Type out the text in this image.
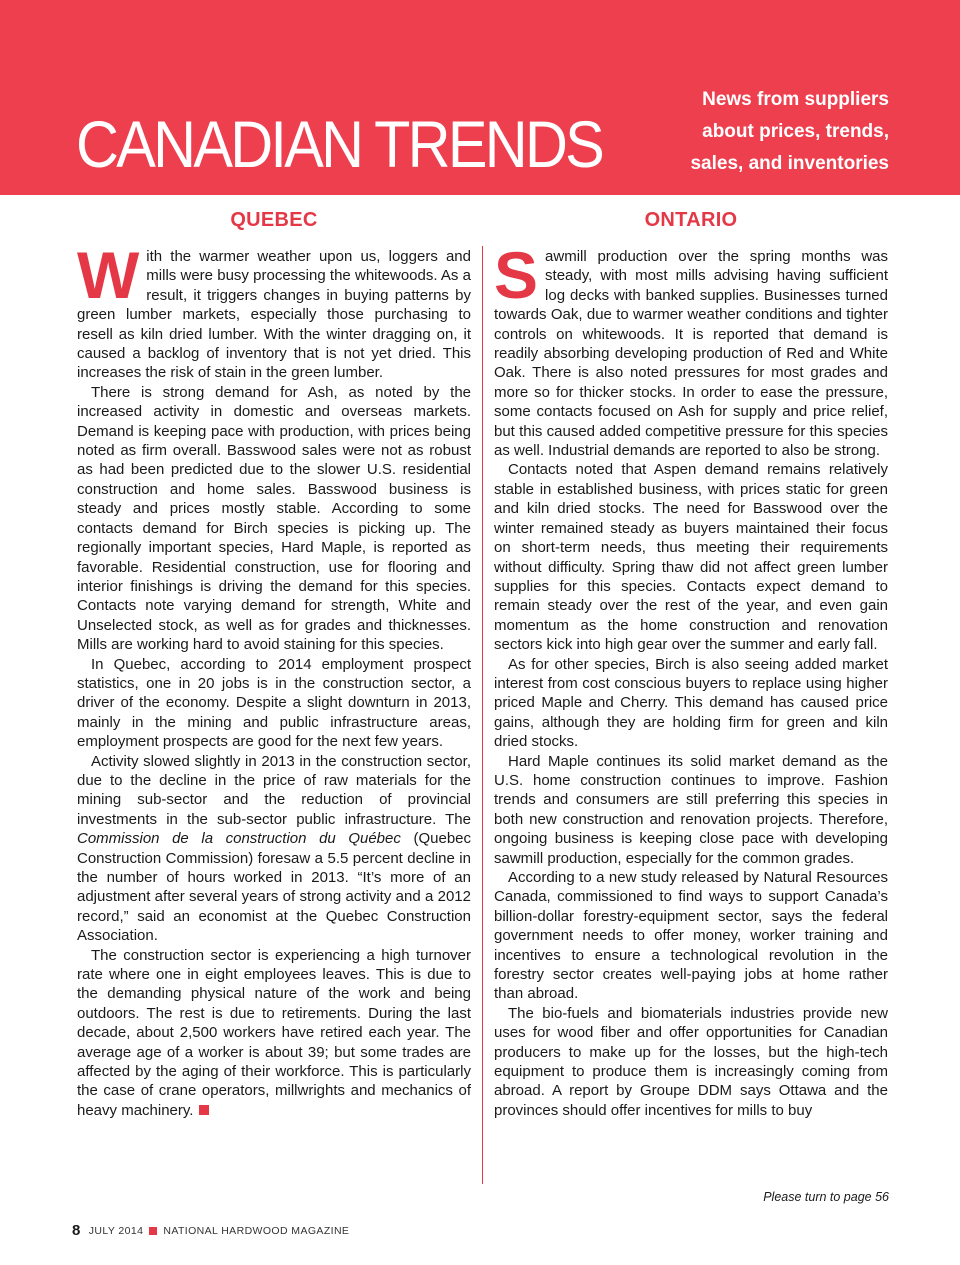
CANADIAN TRENDS
News from suppliers
about prices, trends,
sales, and inventories
QUEBEC

With the warmer weather upon us, loggers and mills were busy processing the whitewoods. As a result, it triggers changes in buying patterns by green lumber markets, especially those purchasing to resell as kiln dried lumber. With the winter dragging on, it caused a backlog of inventory that is not yet dried. This increases the risk of stain in the green lumber.

There is strong demand for Ash, as noted by the increased activity in domestic and overseas markets. Demand is keeping pace with production, with prices being noted as firm overall. Basswood sales were not as robust as had been predicted due to the slower U.S. residential construction and home sales. Basswood business is steady and prices mostly stable. According to some contacts demand for Birch species is picking up. The regionally important species, Hard Maple, is reported as favorable. Residential construction, use for flooring and interior finishings is driving the demand for this species. Contacts note varying demand for strength, White and Unselected stock, as well as for grades and thicknesses. Mills are working hard to avoid staining for this species.

In Quebec, according to 2014 employment prospect statistics, one in 20 jobs is in the construction sector, a driver of the economy. Despite a slight downturn in 2013, mainly in the mining and public infrastructure areas, employment prospects are good for the next few years.

Activity slowed slightly in 2013 in the construction sector, due to the decline in the price of raw materials for the mining sub-sector and the reduction of provincial investments in the sub-sector public infrastructure. The Commission de la construction du Québec (Quebec Construction Commission) foresaw a 5.5 percent decline in the number of hours worked in 2013. “It’s more of an adjustment after several years of strong activity and a 2012 record,” said an economist at the Quebec Construction Association.

The construction sector is experiencing a high turnover rate where one in eight employees leaves. This is due to the demanding physical nature of the work and being outdoors. The rest is due to retirements. During the last decade, about 2,500 workers have retired each year. The average age of a worker is about 39; but some trades are affected by the aging of their workforce. This is particularly the case of crane operators, millwrights and mechanics of heavy machinery.

ONTARIO

Sawmill production over the spring months was steady, with most mills advising having sufficient log decks with banked supplies. Businesses turned towards Oak, due to warmer weather conditions and tighter controls on whitewoods. It is reported that demand is readily absorbing developing production of Red and White Oak. There is also noted pressures for most grades and more so for thicker stocks. In order to ease the pressure, some contacts focused on Ash for supply and price relief, but this caused added competitive pressure for this species as well. Industrial demands are reported to also be strong.

Contacts noted that Aspen demand remains relatively stable in established business, with prices static for green and kiln dried stocks. The need for Basswood over the winter remained steady as buyers maintained their focus on short-term needs, thus meeting their requirements without difficulty. Spring thaw did not affect green lumber supplies for this species. Contacts expect demand to remain steady over the rest of the year, and even gain momentum as the home construction and renovation sectors kick into high gear over the summer and early fall.

As for other species, Birch is also seeing added market interest from cost conscious buyers to replace using higher priced Maple and Cherry. This demand has caused price gains, although they are holding firm for green and kiln dried stocks.

Hard Maple continues its solid market demand as the U.S. home construction continues to improve. Fashion trends and consumers are still preferring this species in both new construction and renovation projects. Therefore, ongoing business is keeping close pace with developing sawmill production, especially for the common grades.

According to a new study released by Natural Resources Canada, commissioned to find ways to support Canada’s billion-dollar forestry-equipment sector, says the federal government needs to offer money, worker training and incentives to ensure a technological revolution in the forestry sector creates well-paying jobs at home rather than abroad.

The bio-fuels and biomaterials industries provide new uses for wood fiber and offer opportunities for Canadian producers to make up for the losses, but the high-tech equipment to produce them is increasingly coming from abroad. A report by Groupe DDM says Ottawa and the provinces should offer incentives for mills to buy

Please turn to page 56
8 JULY 2014 NATIONAL HARDWOOD MAGAZINE
